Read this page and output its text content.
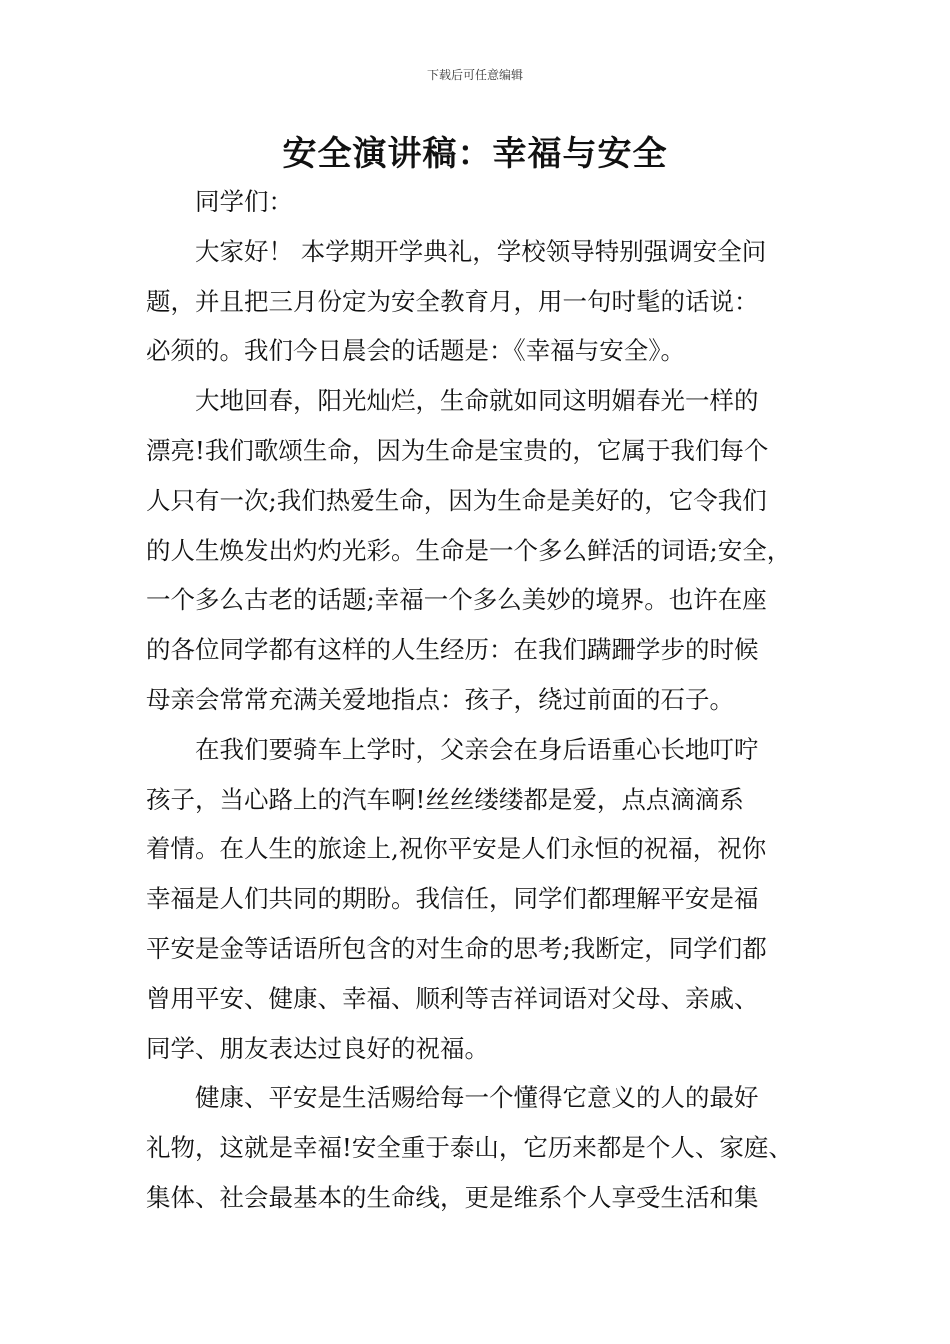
下载后可任意编辑
安全演讲稿：幸福与安全

　　同学们：

　　大家好！ 本学期开学典礼，学校领导特别强调安全问

题，并且把三月份定为安全教育月，用一句时髦的话说：

必须的。我们今日晨会的话题是：《幸福与安全》。

　　大地回春，阳光灿烂，生命就如同这明媚春光一样的

漂亮!我们歌颂生命，因为生命是宝贵的，它属于我们每个

人只有一次;我们热爱生命，因为生命是美好的，它令我们

的人生焕发出灼灼光彩。生命是一个多么鲜活的词语;安全，

一个多么古老的话题;幸福一个多么美妙的境界。也许在座

的各位同学都有这样的人生经历：在我们蹒跚学步的时候

母亲会常常充满关爱地指点：孩子，绕过前面的石子。

　　在我们要骑车上学时，父亲会在身后语重心长地叮咛

孩子，当心路上的汽车啊!丝丝缕缕都是爱，点点滴滴系

着情。在人生的旅途上,祝你平安是人们永恒的祝福，祝你

幸福是人们共同的期盼。我信任，同学们都理解平安是福

平安是金等话语所包含的对生命的思考;我断定，同学们都

曾用平安、健康、幸福、顺利等吉祥词语对父母、亲戚、

同学、朋友表达过良好的祝福。

　　健康、平安是生活赐给每一个懂得它意义的人的最好

礼物，这就是幸福!安全重于泰山，它历来都是个人、家庭、

集体、社会最基本的生命线，更是维系个人享受生活和集
